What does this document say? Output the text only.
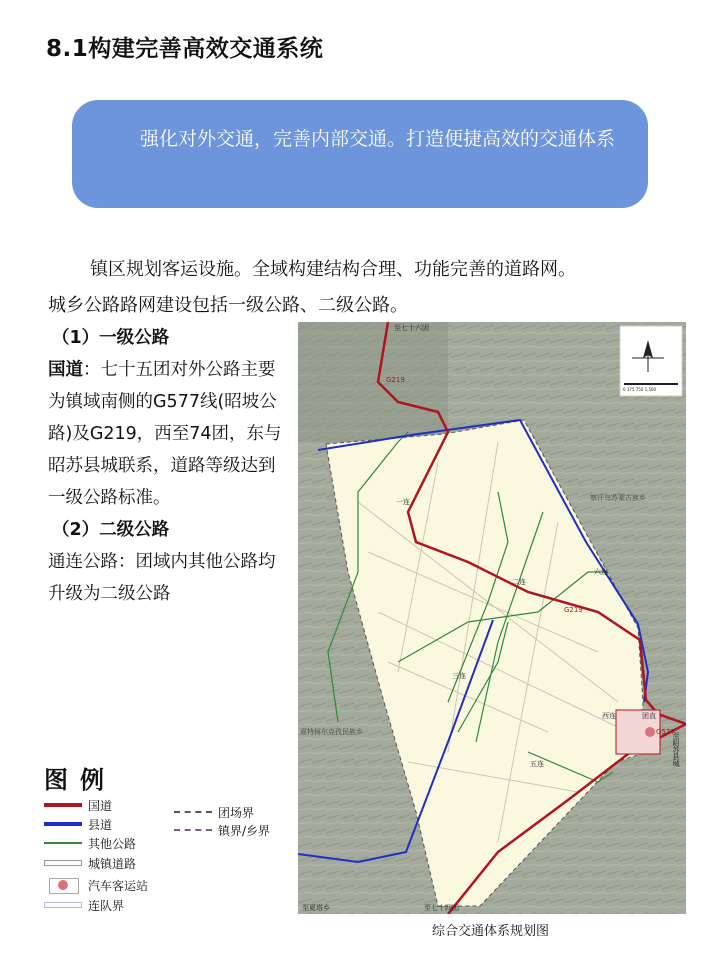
8.1构建完善高效交通系统
强化对外交通，完善内部交通。打造便捷高效的交通体系
镇区规划客运设施。全域构建结构合理、功能完善的道路网。
城乡公路路网建设包括一级公路、二级公路。
（1）一级公路
国道：七十五团对外公路主要为镇域南侧的G577线(昭坡公路)及G219，西至74团，东与昭苏县城联系，道路等级达到一级公路标准。
（2）二级公路
通连公路：团域内其他公路均升级为二级公路
图例
国道
县道
其他公路
城镇道路
汽车客运站
连队界
团场界
镇界/乡界
至七十六团
G219
G219
一连
二连
三连
五连
六连
西连	团直
察汗乌苏蒙古族乡
夏特柯尔克孜民族乡
至夏塔乡	至七十四团
G577
至昭苏县城
0 375 750 1,500
综合交通体系规划图
